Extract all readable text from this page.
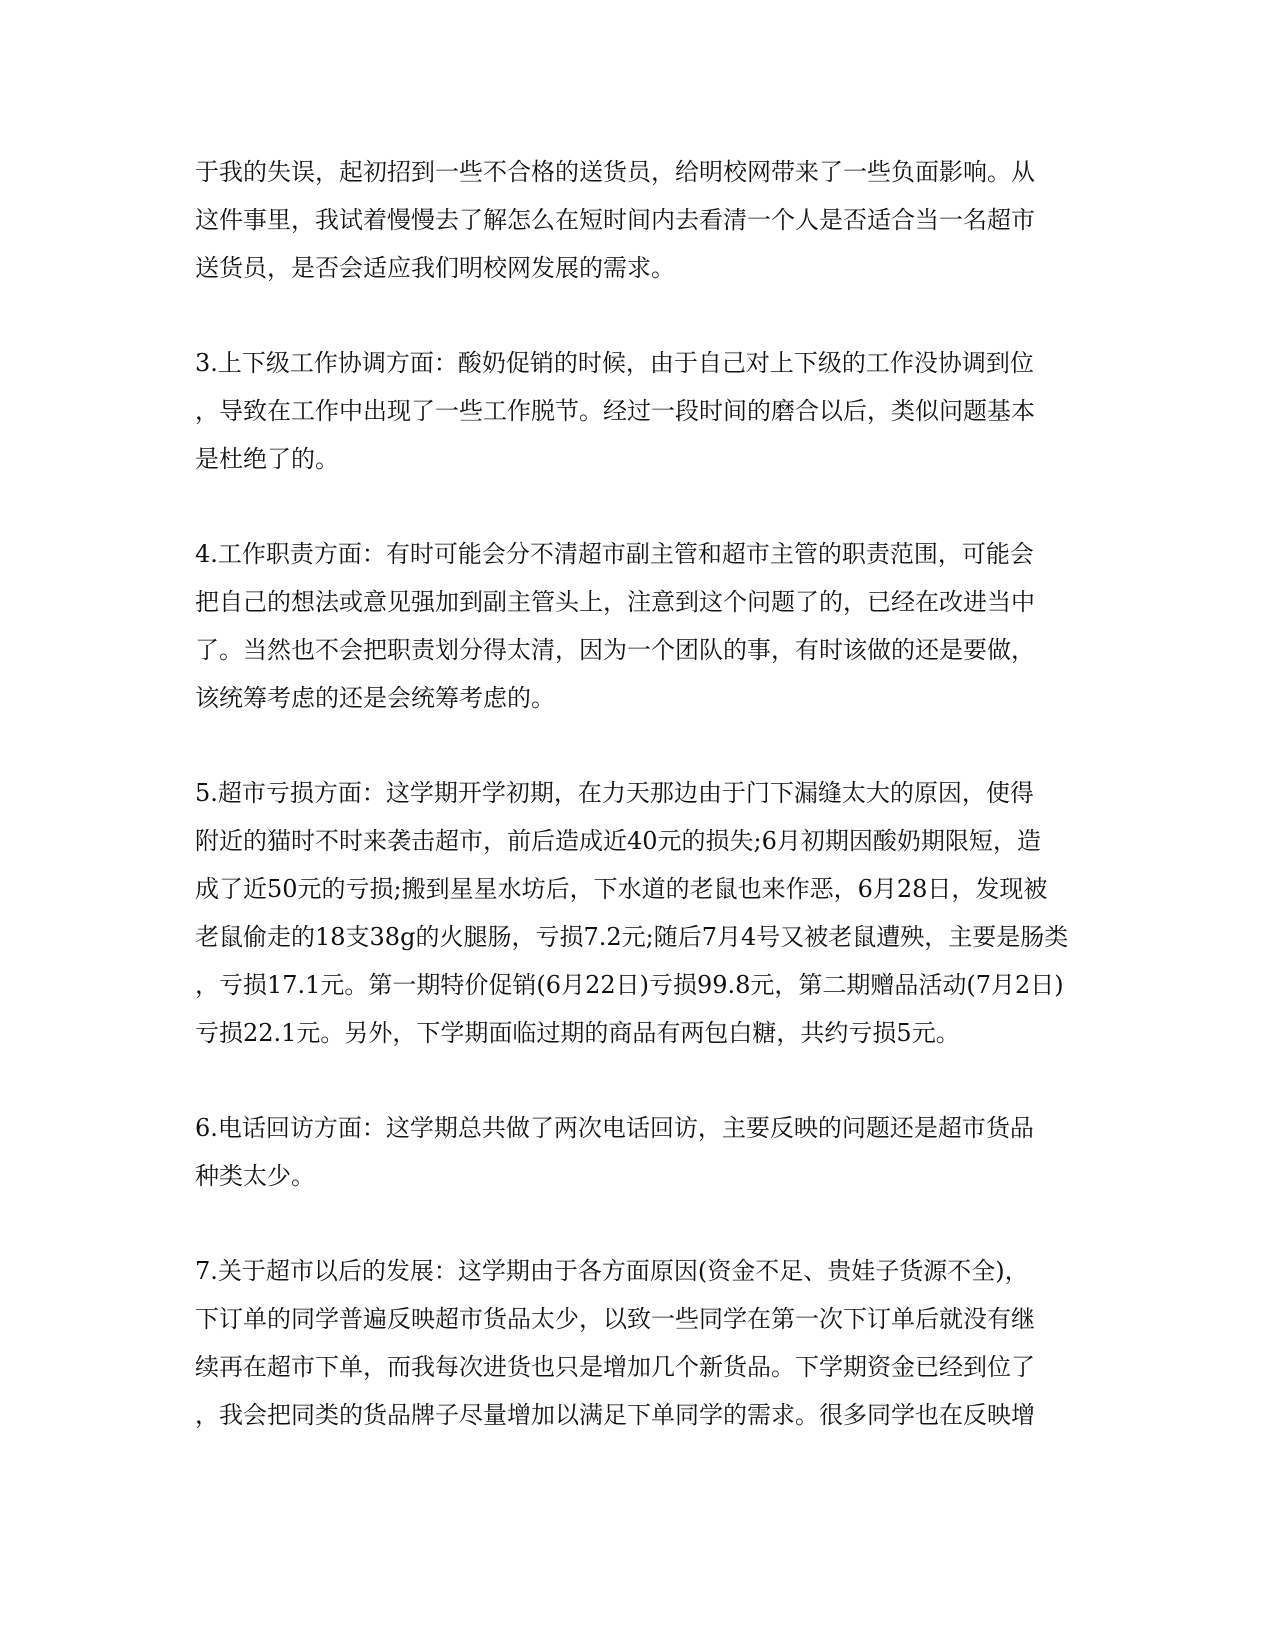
于我的失误，起初招到一些不合格的送货员，给明校网带来了一些负面影响。从
这件事里，我试着慢慢去了解怎么在短时间内去看清一个人是否适合当一名超市
送货员，是否会适应我们明校网发展的需求。
3.上下级工作协调方面：酸奶促销的时候，由于自己对上下级的工作没协调到位
，导致在工作中出现了一些工作脱节。经过一段时间的磨合以后，类似问题基本
是杜绝了的。
4.工作职责方面：有时可能会分不清超市副主管和超市主管的职责范围，可能会
把自己的想法或意见强加到副主管头上，注意到这个问题了的，已经在改进当中
了。当然也不会把职责划分得太清，因为一个团队的事，有时该做的还是要做，
该统筹考虑的还是会统筹考虑的。
5.超市亏损方面：这学期开学初期，在力天那边由于门下漏缝太大的原因，使得
附近的猫时不时来袭击超市，前后造成近40元的损失;6月初期因酸奶期限短，造
成了近50元的亏损;搬到星星水坊后，下水道的老鼠也来作恶，6月28日，发现被
老鼠偷走的18支38g的火腿肠，亏损7.2元;随后7月4号又被老鼠遭殃，主要是肠类
，亏损17.1元。第一期特价促销(6月22日)亏损99.8元，第二期赠品活动(7月2日)
亏损22.1元。另外，下学期面临过期的商品有两包白糖，共约亏损5元。
6.电话回访方面：这学期总共做了两次电话回访，主要反映的问题还是超市货品
种类太少。
7.关于超市以后的发展：这学期由于各方面原因(资金不足、贵娃子货源不全)，
下订单的同学普遍反映超市货品太少，以致一些同学在第一次下订单后就没有继
续再在超市下单，而我每次进货也只是增加几个新货品。下学期资金已经到位了
，我会把同类的货品牌子尽量增加以满足下单同学的需求。很多同学也在反映增
